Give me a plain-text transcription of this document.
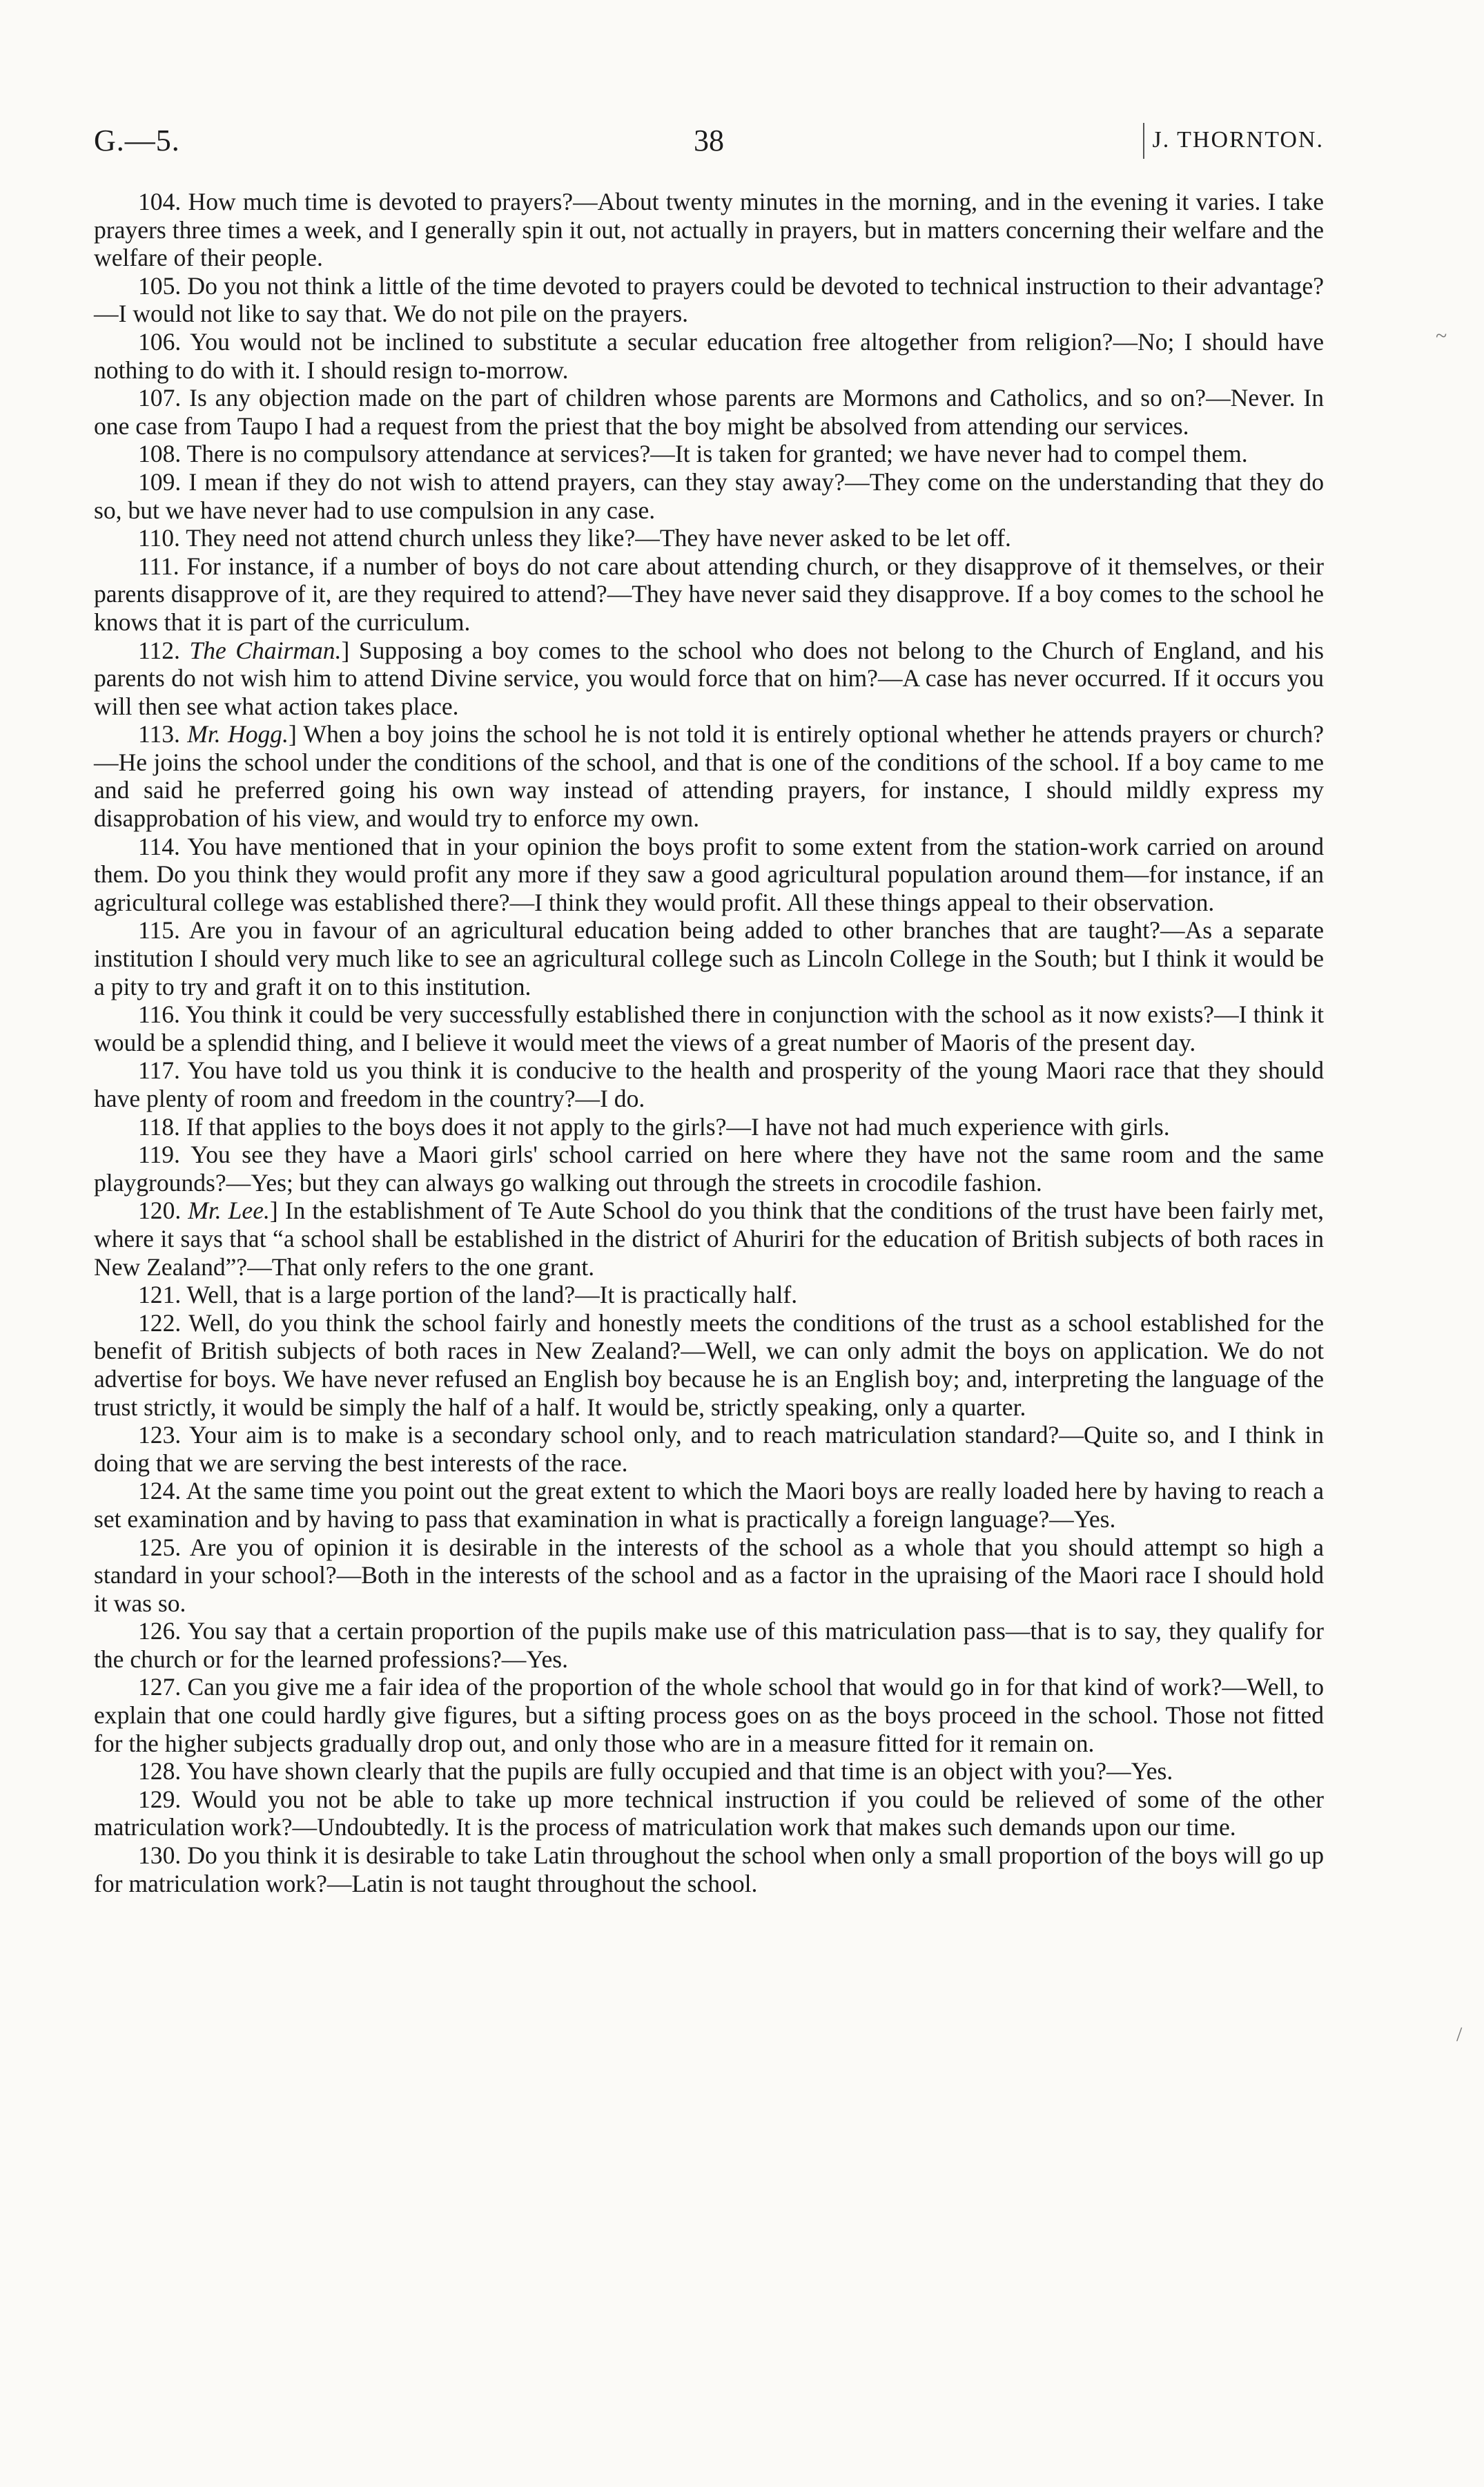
G.—5.	38	J. THORNTON.
~
/

104. How much time is devoted to prayers?—About twenty minutes in the morning, and in the evening it varies. I take prayers three times a week, and I generally spin it out, not actually in prayers, but in matters concerning their welfare and the welfare of their people.

105. Do you not think a little of the time devoted to prayers could be devoted to technical instruction to their advantage?—I would not like to say that. We do not pile on the prayers.

106. You would not be inclined to substitute a secular education free altogether from religion?—No; I should have nothing to do with it. I should resign to-morrow.

107. Is any objection made on the part of children whose parents are Mormons and Catholics, and so on?—Never. In one case from Taupo I had a request from the priest that the boy might be absolved from attending our services.

108. There is no compulsory attendance at services?—It is taken for granted; we have never had to compel them.

109. I mean if they do not wish to attend prayers, can they stay away?—They come on the understanding that they do so, but we have never had to use compulsion in any case.

110. They need not attend church unless they like?—They have never asked to be let off.

111. For instance, if a number of boys do not care about attending church, or they disapprove of it themselves, or their parents disapprove of it, are they required to attend?—They have never said they disapprove. If a boy comes to the school he knows that it is part of the curriculum.

112. The Chairman.] Supposing a boy comes to the school who does not belong to the Church of England, and his parents do not wish him to attend Divine service, you would force that on him?—A case has never occurred. If it occurs you will then see what action takes place.

113. Mr. Hogg.] When a boy joins the school he is not told it is entirely optional whether he attends prayers or church?—He joins the school under the conditions of the school, and that is one of the conditions of the school. If a boy came to me and said he preferred going his own way instead of attending prayers, for instance, I should mildly express my disapprobation of his view, and would try to enforce my own.

114. You have mentioned that in your opinion the boys profit to some extent from the station-work carried on around them. Do you think they would profit any more if they saw a good agricultural population around them—for instance, if an agricultural college was established there?—I think they would profit. All these things appeal to their observation.

115. Are you in favour of an agricultural education being added to other branches that are taught?—As a separate institution I should very much like to see an agricultural college such as Lincoln College in the South; but I think it would be a pity to try and graft it on to this institution.

116. You think it could be very successfully established there in conjunction with the school as it now exists?—I think it would be a splendid thing, and I believe it would meet the views of a great number of Maoris of the present day.

117. You have told us you think it is conducive to the health and prosperity of the young Maori race that they should have plenty of room and freedom in the country?—I do.

118. If that applies to the boys does it not apply to the girls?—I have not had much experience with girls.

119. You see they have a Maori girls' school carried on here where they have not the same room and the same playgrounds?—Yes; but they can always go walking out through the streets in crocodile fashion.

120. Mr. Lee.] In the establishment of Te Aute School do you think that the conditions of the trust have been fairly met, where it says that “a school shall be established in the district of Ahuriri for the education of British subjects of both races in New Zealand”?—That only refers to the one grant.

121. Well, that is a large portion of the land?—It is practically half.

122. Well, do you think the school fairly and honestly meets the conditions of the trust as a school established for the benefit of British subjects of both races in New Zealand?—Well, we can only admit the boys on application. We do not advertise for boys. We have never refused an English boy because he is an English boy; and, interpreting the language of the trust strictly, it would be simply the half of a half. It would be, strictly speaking, only a quarter.

123. Your aim is to make is a secondary school only, and to reach matriculation standard?—Quite so, and I think in doing that we are serving the best interests of the race.

124. At the same time you point out the great extent to which the Maori boys are really loaded here by having to reach a set examination and by having to pass that examination in what is practically a foreign language?—Yes.

125. Are you of opinion it is desirable in the interests of the school as a whole that you should attempt so high a standard in your school?—Both in the interests of the school and as a factor in the upraising of the Maori race I should hold it was so.

126. You say that a certain proportion of the pupils make use of this matriculation pass—that is to say, they qualify for the church or for the learned professions?—Yes.

127. Can you give me a fair idea of the proportion of the whole school that would go in for that kind of work?—Well, to explain that one could hardly give figures, but a sifting process goes on as the boys proceed in the school. Those not fitted for the higher subjects gradually drop out, and only those who are in a measure fitted for it remain on.

128. You have shown clearly that the pupils are fully occupied and that time is an object with you?—Yes.

129. Would you not be able to take up more technical instruction if you could be relieved of some of the other matriculation work?—Undoubtedly. It is the process of matriculation work that makes such demands upon our time.

130. Do you think it is desirable to take Latin throughout the school when only a small proportion of the boys will go up for matriculation work?—Latin is not taught throughout the school.
